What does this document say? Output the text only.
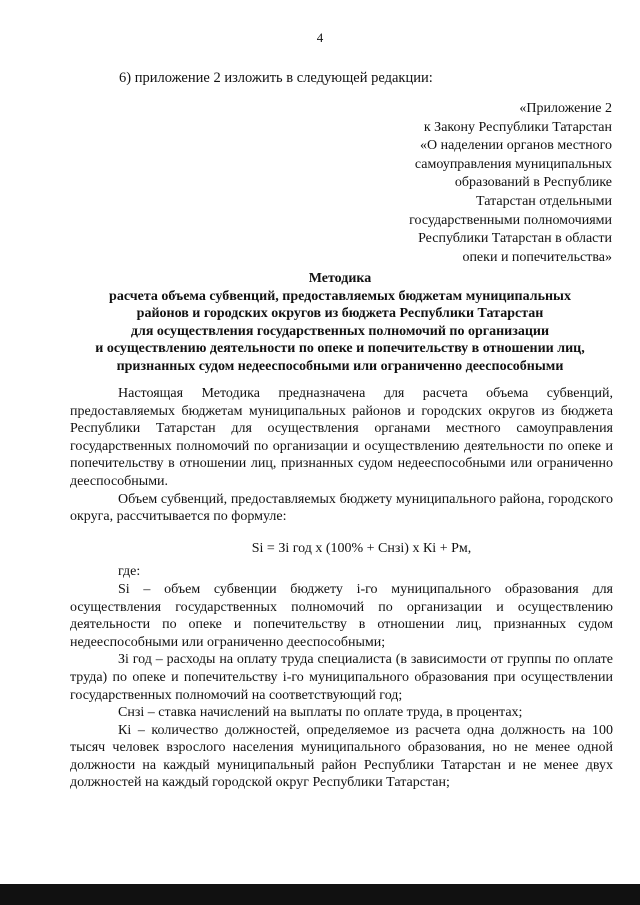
4
6) приложение 2 изложить в следующей редакции:
«Приложение 2
к Закону Республики Татарстан
«О наделении органов местного
самоуправления муниципальных
образований в Республике
Татарстан отдельными
государственными полномочиями
Республики Татарстан в области
опеки и попечительства»
Методика
расчета объема субвенций, предоставляемых бюджетам муниципальных
районов и городских округов из бюджета Республики Татарстан
для осуществления государственных полномочий по организации
и осуществлению деятельности по опеке и попечительству в отношении лиц,
признанных судом недееспособными или ограниченно дееспособными

Настоящая Методика предназначена для расчета объема субвенций, предоставляемых бюджетам муниципальных районов и городских округов из бюджета Республики Татарстан для осуществления органами местного самоуправления государственных полномочий по организации и осуществлению деятельности по опеке и попечительству в отношении лиц, признанных судом недееспособными или ограниченно дееспособными.

Объем субвенций, предоставляемых бюджету муниципального района, городского округа, рассчитывается по формуле:

Si = Зi год х (100% + Снзi) х Кi + Рм,

где:

Si – объем субвенции бюджету i-го муниципального образования для осуществления государственных полномочий по организации и осуществлению деятельности по опеке и попечительству в отношении лиц, признанных судом недееспособными или ограниченно дееспособными;

Зi год – расходы на оплату труда специалиста (в зависимости от группы по оплате труда) по опеке и попечительству i-го муниципального образования при осуществлении государственных полномочий на соответствующий год;

Снзi – ставка начислений на выплаты по оплате труда, в процентах;

Кi – количество должностей, определяемое из расчета одна должность на 100 тысяч человек взрослого населения муниципального образования, но не менее одной должности на каждый муниципальный район Республики Татарстан и не менее двух должностей на каждый городской округ Республики Татарстан;
